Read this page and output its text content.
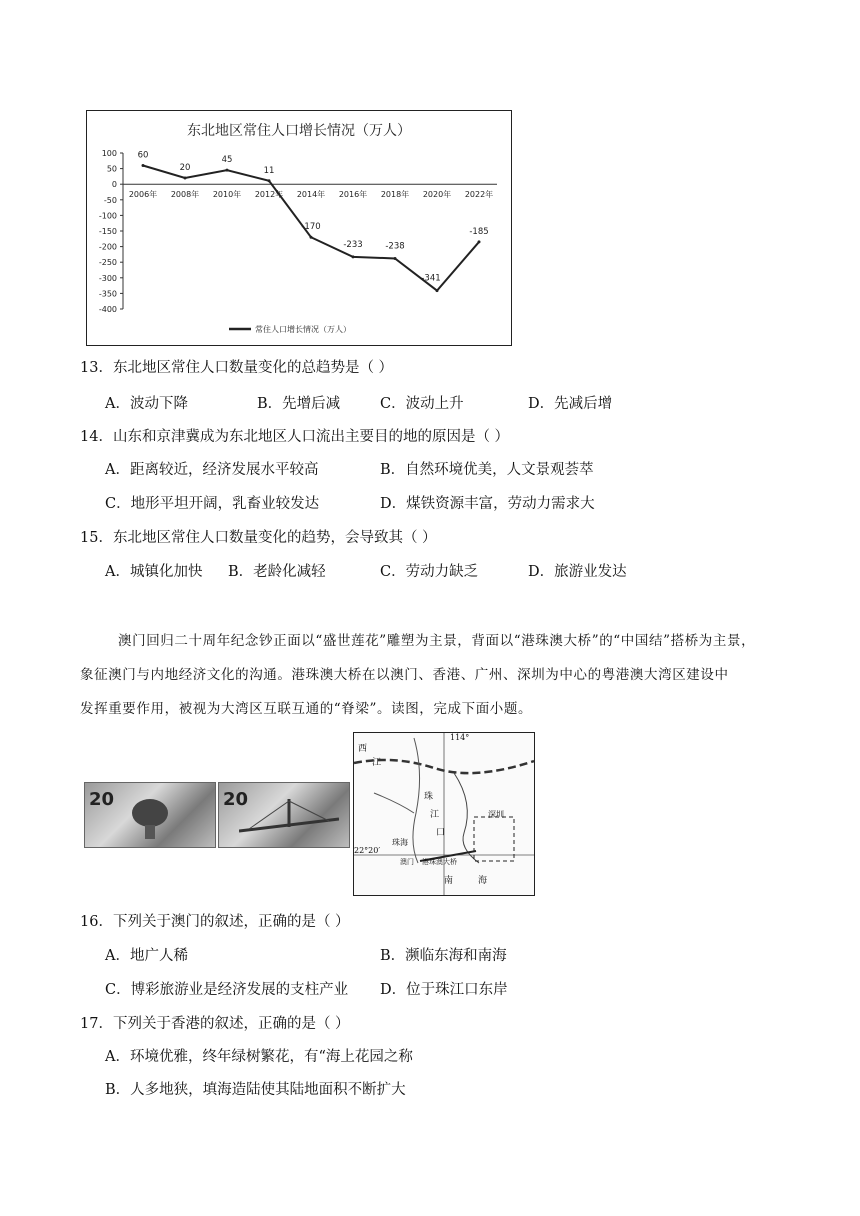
东北地区常住人口增长情况（万人）
100
50
0
-50
-100
-150
-200
-250
-300
-350
-400
2006年 2008年 2010年 2012年 2014年 2016年 2018年 2020年 2022年
60
20
45
11
-170
-233	-238
-341
-185
常住人口增长情况（万人）
13．东北地区常住人口数量变化的总趋势是（ ）
A．波动下降	B．先增后减	C．波动上升	D．先减后增
14．山东和京津冀成为东北地区人口流出主要目的地的原因是（ ）
A．距离较近，经济发展水平较高	B．自然环境优美，人文景观荟萃
C．地形平坦开阔，乳畜业较发达	D．煤铁资源丰富，劳动力需求大
15．东北地区常住人口数量变化的趋势，会导致其（ ）
A．城镇化加快 B．老龄化减轻	C．劳动力缺乏	D．旅游业发达
澳门回归二十周年纪念钞正面以“盛世莲花”雕塑为主景，背面以“港珠澳大桥”的“中国结”搭桥为主景，
象征澳门与内地经济文化的沟通。港珠澳大桥在以澳门、香港、广州、深圳为中心的粤港澳大湾区建设中
发挥重要作用，被视为大湾区互联互通的“脊梁”。读图，完成下面小题。
20	20
114°
22°20′
西
江
珠
江
口
珠海
深圳
澳门 港珠澳大桥
南	海
16．下列关于澳门的叙述，正确的是（ ）
A．地广人稀	B．濒临东海和南海
C．博彩旅游业是经济发展的支柱产业 D．位于珠江口东岸
17．下列关于香港的叙述，正确的是（ ）
A．环境优雅，终年绿树繁花，有“海上花园之称
B．人多地狭，填海造陆使其陆地面积不断扩大
